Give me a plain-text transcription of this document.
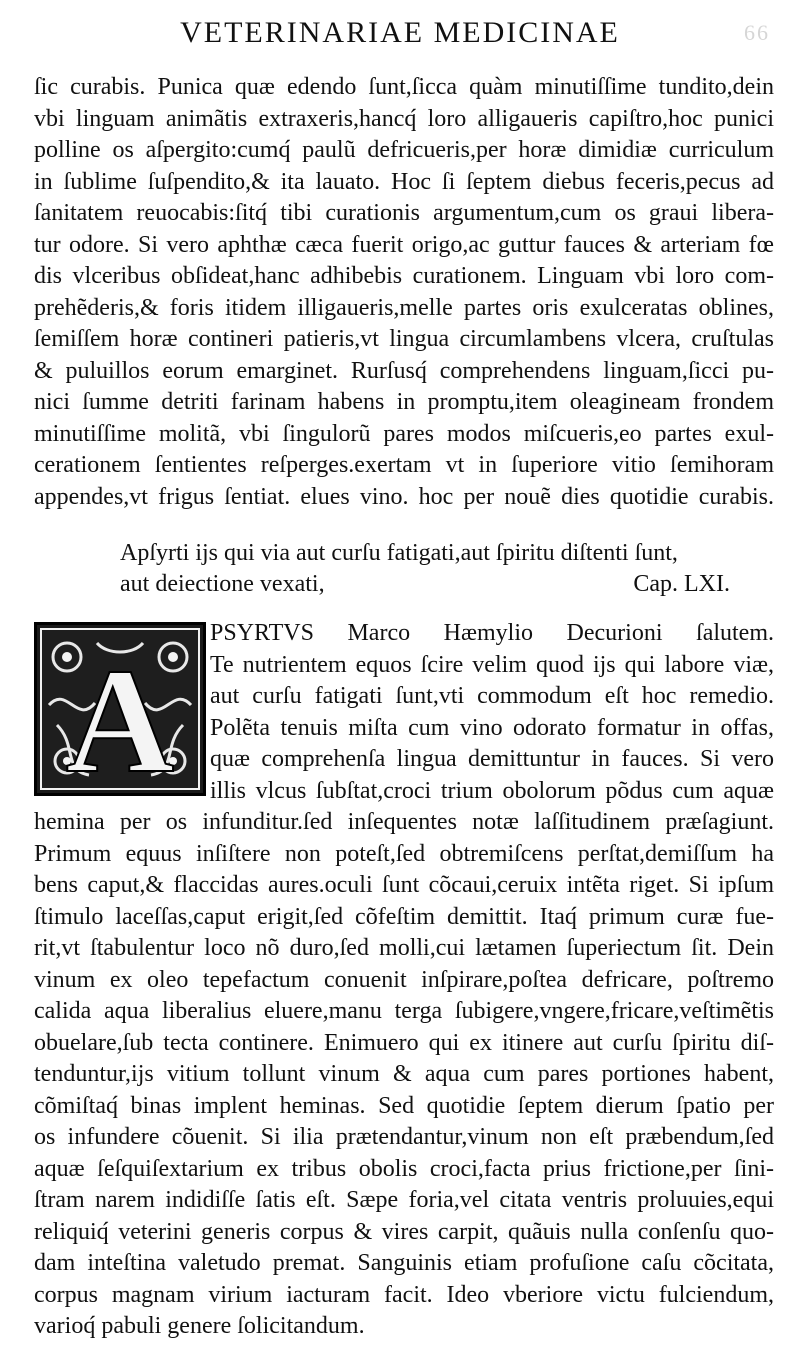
VETERINARIAE MEDICINAE	66
ſic curabis. Punica quæ edendo ſunt,ſicca quàm minutiſſime tundito,dein
vbi linguam animãtis extraxeris,hancq́ loro alligaueris capiſtro,hoc punici
polline os aſpergito:cumq́ paulũ defricueris,per horæ dimidiæ curriculum
in ſublime ſuſpendito,& ita lauato. Hoc ſi ſeptem diebus feceris,pecus ad
ſanitatem reuocabis:ſitq́ tibi curationis argumentum,cum os graui libera-
tur odore. Si vero aphthæ cæca fuerit origo,ac guttur fauces & arteriam fœ
dis vlceribus obſideat,hanc adhibebis curationem. Linguam vbi loro com-
prehẽderis,& foris itidem illigaueris,melle partes oris exulceratas oblines,
ſemiſſem horæ contineri patieris,vt lingua circumlambens vlcera, cruſtulas
& puluillos eorum emarginet. Rurſusq́ comprehendens linguam,ſicci pu-
nici ſumme detriti farinam habens in promptu,item oleagineam frondem
minutiſſime molitã, vbi ſingulorũ pares modos miſcueris,eo partes exul-
cerationem ſentientes reſperges.exertam vt in ſuperiore vitio ſemihoram
appendes,vt frigus ſentiat. elues vino. hoc per nouẽ dies quotidie curabis.
Apſyrti ijs qui via aut curſu fatigati,aut ſpiritu diſtenti ſunt,
aut deiectione vexati,	Cap. LXI.
A
PSYRTVS Marco Hæmylio Decurioni ſalutem.
Te nutrientem equos ſcire velim quod ijs qui labore viæ,
aut curſu fatigati ſunt,vti commodum eſt hoc remedio.
Polẽta tenuis miſta cum vino odorato formatur in offas,
quæ comprehenſa lingua demittuntur in fauces. Si vero
illis vlcus ſubſtat,croci trium obolorum põdus cum aquæ
hemina per os infunditur.ſed inſequentes notæ laſſitudinem præſagiunt.
Primum equus inſiſtere non poteſt,ſed obtremiſcens perſtat,demiſſum ha
bens caput,& flaccidas aures.oculi ſunt cõcaui,ceruix intẽta riget. Si ipſum
ſtimulo laceſſas,caput erigit,ſed cõfeſtim demittit. Itaq́ primum curæ fue-
rit,vt ſtabulentur loco nõ duro,ſed molli,cui lætamen ſuperiectum ſit. Dein
vinum ex oleo tepefactum conuenit inſpirare,poſtea defricare, poſtremo
calida aqua liberalius eluere,manu terga ſubigere,vngere,fricare,veſtimẽtis
obuelare,ſub tecta continere. Enimuero qui ex itinere aut curſu ſpiritu diſ-
tenduntur,ijs vitium tollunt vinum & aqua cum pares portiones habent,
cõmiſtaq́ binas implent heminas. Sed quotidie ſeptem dierum ſpatio per
os infundere cõuenit. Si ilia prætendantur,vinum non eſt præbendum,ſed
aquæ ſeſquiſextarium ex tribus obolis croci,facta prius frictione,per ſini-
ſtram narem indidiſſe ſatis eſt. Sæpe foria,vel citata ventris proluuies,equi
reliquiq́ veterini generis corpus & vires carpit, quãuis nulla conſenſu quo-
dam inteſtina valetudo premat. Sanguinis etiam profuſione caſu cõcitata,
corpus magnam virium iacturam facit. Ideo vberiore victu fulciendum,
varioq́ pabuli genere ſolicitandum.
